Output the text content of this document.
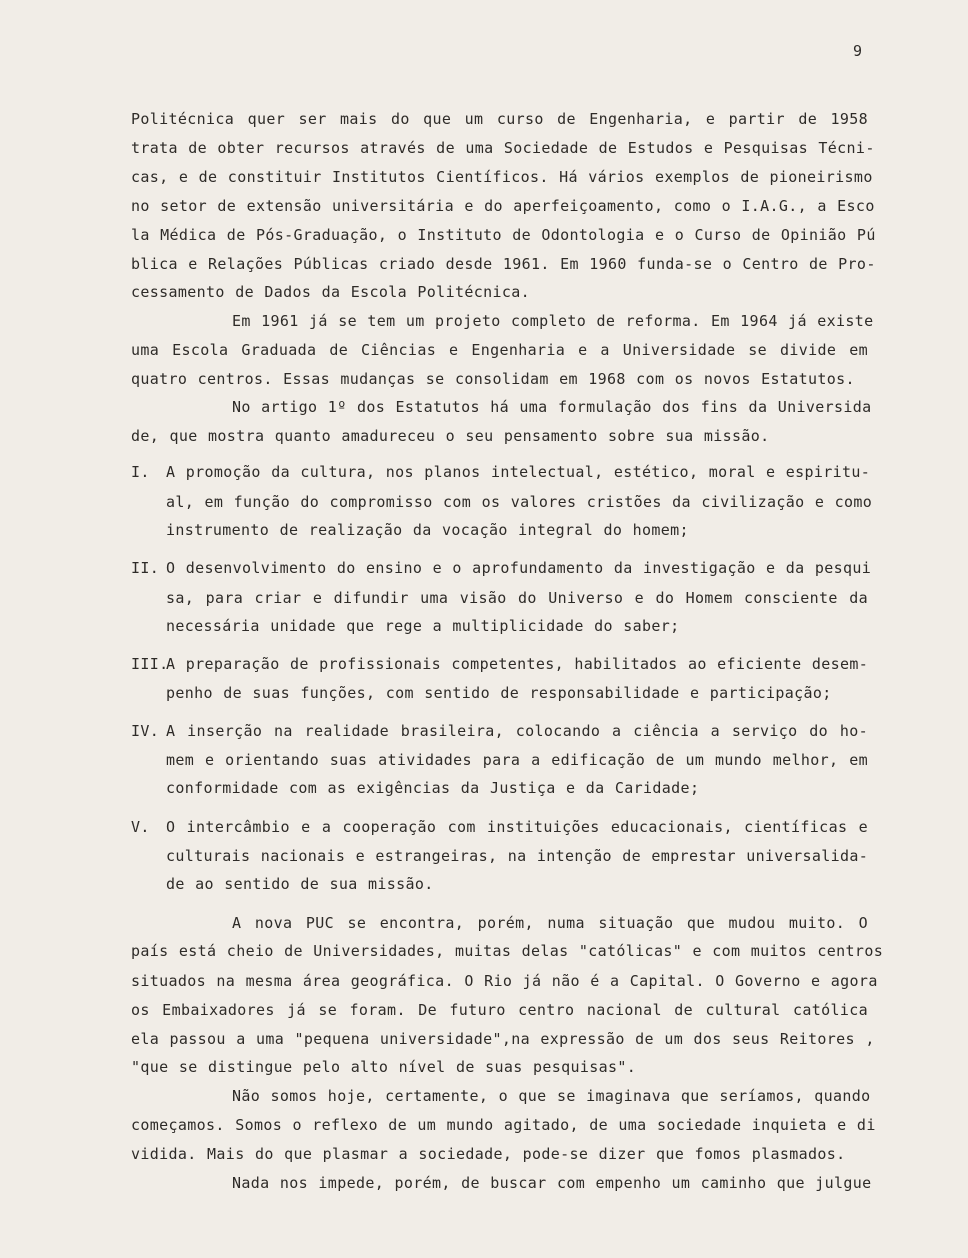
9
Politécnica quer ser mais do que um curso de Engenharia, e partir de 1958
trata de obter recursos através de uma Sociedade de Estudos e Pesquisas Técni-
cas, e de constituir Institutos Científicos. Há vários exemplos de pioneirismo
no setor de extensão universitária e do aperfeiçoamento, como o I.A.G., a Esco
la Médica de Pós-Graduação, o Instituto de Odontologia e o Curso de Opinião Pú
blica e Relações Públicas criado desde 1961. Em 1960 funda-se o Centro de Pro-
cessamento de Dados da Escola Politécnica.
Em 1961 já se tem um projeto completo de reforma. Em 1964 já existe
uma Escola Graduada de Ciências e Engenharia e a Universidade se divide em
quatro centros. Essas mudanças se consolidam em 1968 com os novos Estatutos.
No artigo 1º dos Estatutos há uma formulação dos fins da Universida
de, que mostra quanto amadureceu o seu pensamento sobre sua missão.
I.	A promoção da cultura, nos planos intelectual, estético, moral e espiritu-
al, em função do compromisso com os valores cristões da civilização e como
instrumento de realização da vocação integral do homem;
II. O desenvolvimento do ensino e o aprofundamento da investigação e da pesqui
sa, para criar e difundir uma visão do Universo e do Homem consciente da
necessária unidade que rege a multiplicidade do saber;
III.
A preparação de profissionais competentes, habilitados ao eficiente desem-
penho de suas funções, com sentido de responsabilidade e participação;
IV. A inserção na realidade brasileira, colocando a ciência a serviço do ho-
mem e orientando suas atividades para a edificação de um mundo melhor, em
conformidade com as exigências da Justiça e da Caridade;
V.	O intercâmbio e a cooperação com instituições educacionais, científicas e
culturais nacionais e estrangeiras, na intenção de emprestar universalida-
de ao sentido de sua missão.
A nova PUC se encontra, porém, numa situação que mudou muito. O
país está cheio de Universidades, muitas delas "católicas" e com muitos centros
situados na mesma área geográfica. O Rio já não é a Capital. O Governo e agora
os Embaixadores já se foram. De futuro centro nacional de cultural católica
ela passou a uma "pequena universidade",na expressão de um dos seus Reitores ,
"que se distingue pelo alto nível de suas pesquisas".
Não somos hoje, certamente, o que se imaginava que seríamos, quando
começamos. Somos o reflexo de um mundo agitado, de uma sociedade inquieta e di
vidida. Mais do que plasmar a sociedade, pode-se dizer que fomos plasmados.
Nada nos impede, porém, de buscar com empenho um caminho que julgue
